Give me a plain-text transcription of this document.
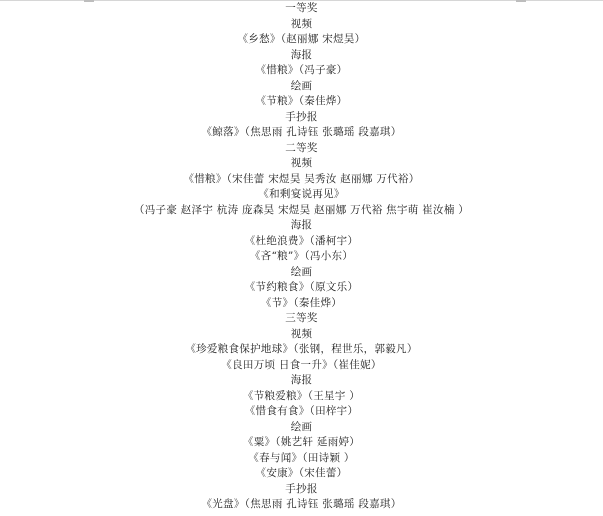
一等奖
视频
《乡愁》（赵丽娜 宋煜昊）
海报
《惜粮》（冯子豪）
绘画
《节粮》（秦佳烨）
手抄报
《鲸落》（焦思雨 孔诗钰 张璐瑶 段嘉琪）
二等奖
视频
《惜粮》（宋佳蕾 宋煜昊 吴秀汝 赵丽娜 万代裕）
《和剩宴说再见》
（冯子豪 赵泽宇 杭涛 庞森昊 宋煜昊 赵丽娜 万代裕 焦宇萌 崔汝楠 ）
海报
《杜绝浪费》（潘柯宇）
《吝“粮”》（冯小东）
绘画
《节约粮食》（原文乐）
《节》（秦佳烨）
三等奖
视频
《珍爱粮食保护地球》（张钢，程世乐，郭毅凡）
《良田万顷 日食一升》（崔佳妮）
海报
《节粮爱粮》（王星宇 ）
《惜食有食》（田梓宇）
绘画
《粟》（姚艺轩 延雨婷）
《春与闻》（田诗颖 ）
《安康》（宋佳蕾）
手抄报
《光盘》（焦思雨 孔诗钰 张璐瑶 段嘉琪）
